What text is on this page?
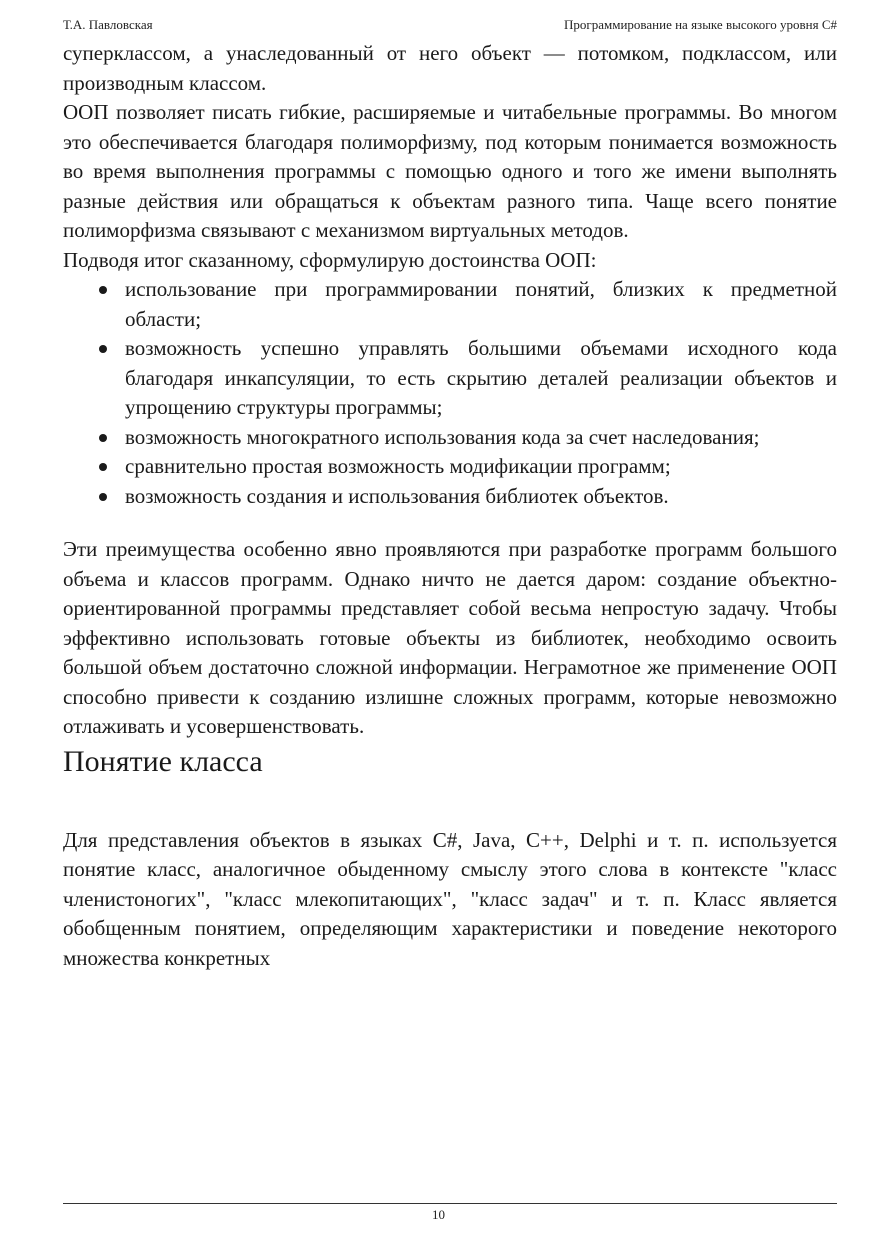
Т.А. Павловская	Программирование на языке высокого уровня C#

суперклассом, а унаследованный от него объект — потомком, подклассом, или производным классом.

ООП позволяет писать гибкие, расширяемые и читабельные программы. Во многом это обеспечивается благодаря полиморфизму, под которым понимается возможность во время выполнения программы с помощью одного и того же имени выполнять разные действия или обращаться к объектам разного типа. Чаще всего понятие полиморфизма связывают с механизмом виртуальных методов.

Подводя итог сказанному, сформулирую достоинства ООП:

использование при программировании понятий, близких к предметной области;
возможность успешно управлять большими объемами исходного кода благодаря инкапсуляции, то есть скрытию деталей реализации объектов и упрощению структуры программы;
возможность многократного использования кода за счет наследования;
сравнительно простая возможность модификации программ;
возможность создания и использования библиотек объектов.

Эти преимущества особенно явно проявляются при разработке программ большого объема и классов программ. Однако ничто не дается даром: создание объектно-ориентированной программы представляет собой весьма непростую задачу. Чтобы эффективно использовать готовые объекты из библиотек, необходимо освоить большой объем достаточно сложной информации. Неграмотное же применение ООП способно привести к созданию излишне сложных программ, которые невозможно отлаживать и усовершенствовать.

Понятие класса

Для представления объектов в языках C#, Java, С++, Delphi и т. п. используется понятие класс, аналогичное обыденному смыслу этого слова в контексте "класс членистоногих", "класс млекопитающих", "класс задач" и т. п. Класс является обобщенным понятием, определяющим характеристики и поведение некоторого множества конкретных

10
